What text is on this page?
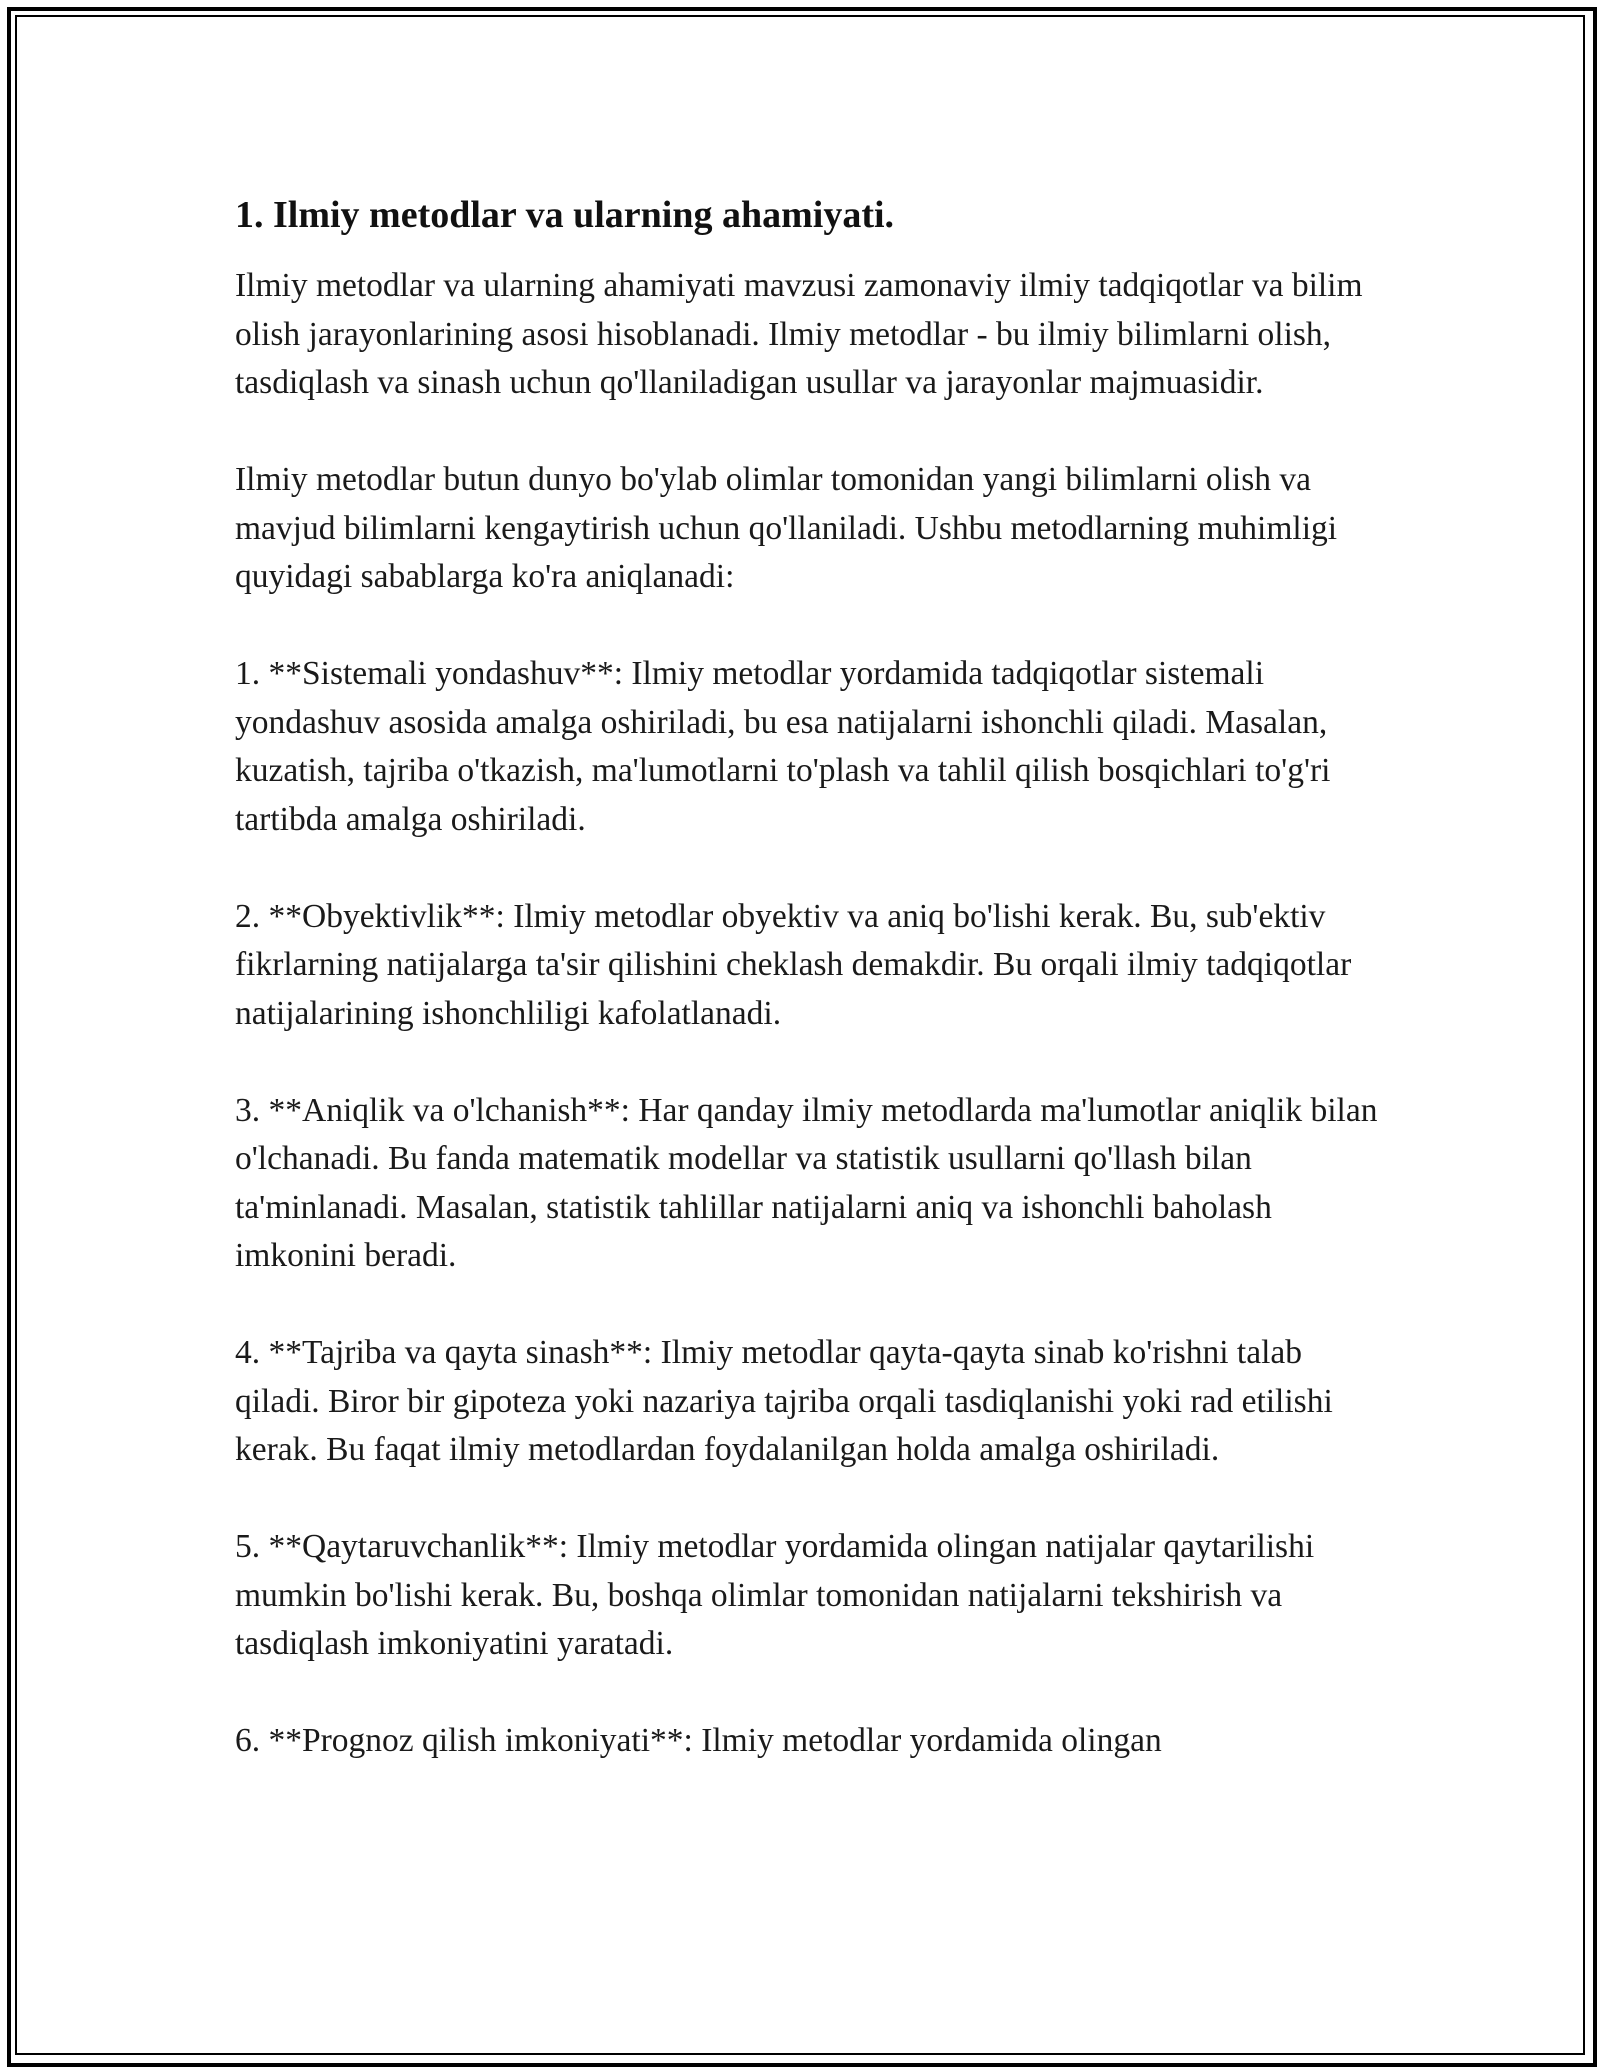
1. Ilmiy metodlar va ularning ahamiyati.

Ilmiy metodlar va ularning ahamiyati mavzusi zamonaviy ilmiy tadqiqotlar va bilim olish jarayonlarining asosi hisoblanadi. Ilmiy metodlar - bu ilmiy bilimlarni olish, tasdiqlash va sinash uchun qo'llaniladigan usullar va jarayonlar majmuasidir.

Ilmiy metodlar butun dunyo bo'ylab olimlar tomonidan yangi bilimlarni olish va mavjud bilimlarni kengaytirish uchun qo'llaniladi. Ushbu metodlarning muhimligi quyidagi sabablarga ko'ra aniqlanadi:

1. **Sistemali yondashuv**: Ilmiy metodlar yordamida tadqiqotlar sistemali yondashuv asosida amalga oshiriladi, bu esa natijalarni ishonchli qiladi. Masalan, kuzatish, tajriba o'tkazish, ma'lumotlarni to'plash va tahlil qilish bosqichlari to'g'ri tartibda amalga oshiriladi.

2. **Obyektivlik**: Ilmiy metodlar obyektiv va aniq bo'lishi kerak. Bu, sub'ektiv fikrlarning natijalarga ta'sir qilishini cheklash demakdir. Bu orqali ilmiy tadqiqotlar natijalarining ishonchliligi kafolatlanadi.

3. **Aniqlik va o'lchanish**: Har qanday ilmiy metodlarda ma'lumotlar aniqlik bilan o'lchanadi. Bu fanda matematik modellar va statistik usullarni qo'llash bilan ta'minlanadi. Masalan, statistik tahlillar natijalarni aniq va ishonchli baholash imkonini beradi.

4. **Tajriba va qayta sinash**: Ilmiy metodlar qayta-qayta sinab ko'rishni talab qiladi. Biror bir gipoteza yoki nazariya tajriba orqali tasdiqlanishi yoki rad etilishi kerak. Bu faqat ilmiy metodlardan foydalanilgan holda amalga oshiriladi.

5. **Qaytaruvchanlik**: Ilmiy metodlar yordamida olingan natijalar qaytarilishi mumkin bo'lishi kerak. Bu, boshqa olimlar tomonidan natijalarni tekshirish va tasdiqlash imkoniyatini yaratadi.

6. **Prognoz qilish imkoniyati**: Ilmiy metodlar yordamida olingan
